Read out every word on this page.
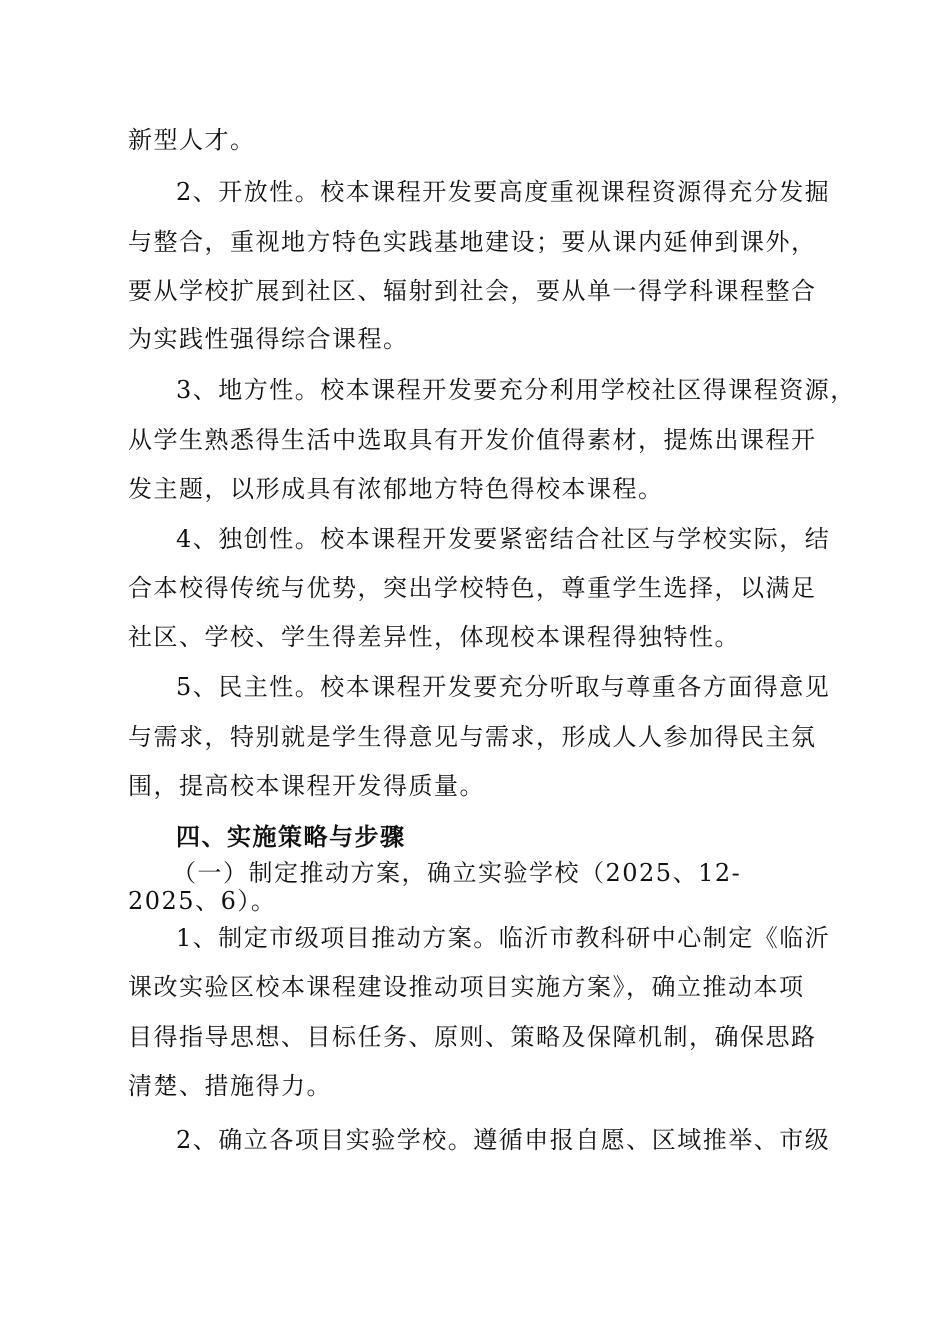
新型人才。
2、开放性。校本课程开发要高度重视课程资源得充分发掘
与整合，重视地方特色实践基地建设；要从课内延伸到课外，
要从学校扩展到社区、辐射到社会，要从单一得学科课程整合
为实践性强得综合课程。
3、地方性。校本课程开发要充分利用学校社区得课程资源，
从学生熟悉得生活中选取具有开发价值得素材，提炼出课程开
发主题，以形成具有浓郁地方特色得校本课程。
4、独创性。校本课程开发要紧密结合社区与学校实际，结
合本校得传统与优势，突出学校特色，尊重学生选择，以满足
社区、学校、学生得差异性，体现校本课程得独特性。
5、民主性。校本课程开发要充分听取与尊重各方面得意见
与需求，特别就是学生得意见与需求，形成人人参加得民主氛
围，提高校本课程开发得质量。
四、实施策略与步骤
（一）制定推动方案，确立实验学校（2025、12-
2025、6）。
1、制定市级项目推动方案。临沂市教科研中心制定《临沂
课改实验区校本课程建设推动项目实施方案》，确立推动本项
目得指导思想、目标任务、原则、策略及保障机制，确保思路
清楚、措施得力。
2、确立各项目实验学校。遵循申报自愿、区域推举、市级
